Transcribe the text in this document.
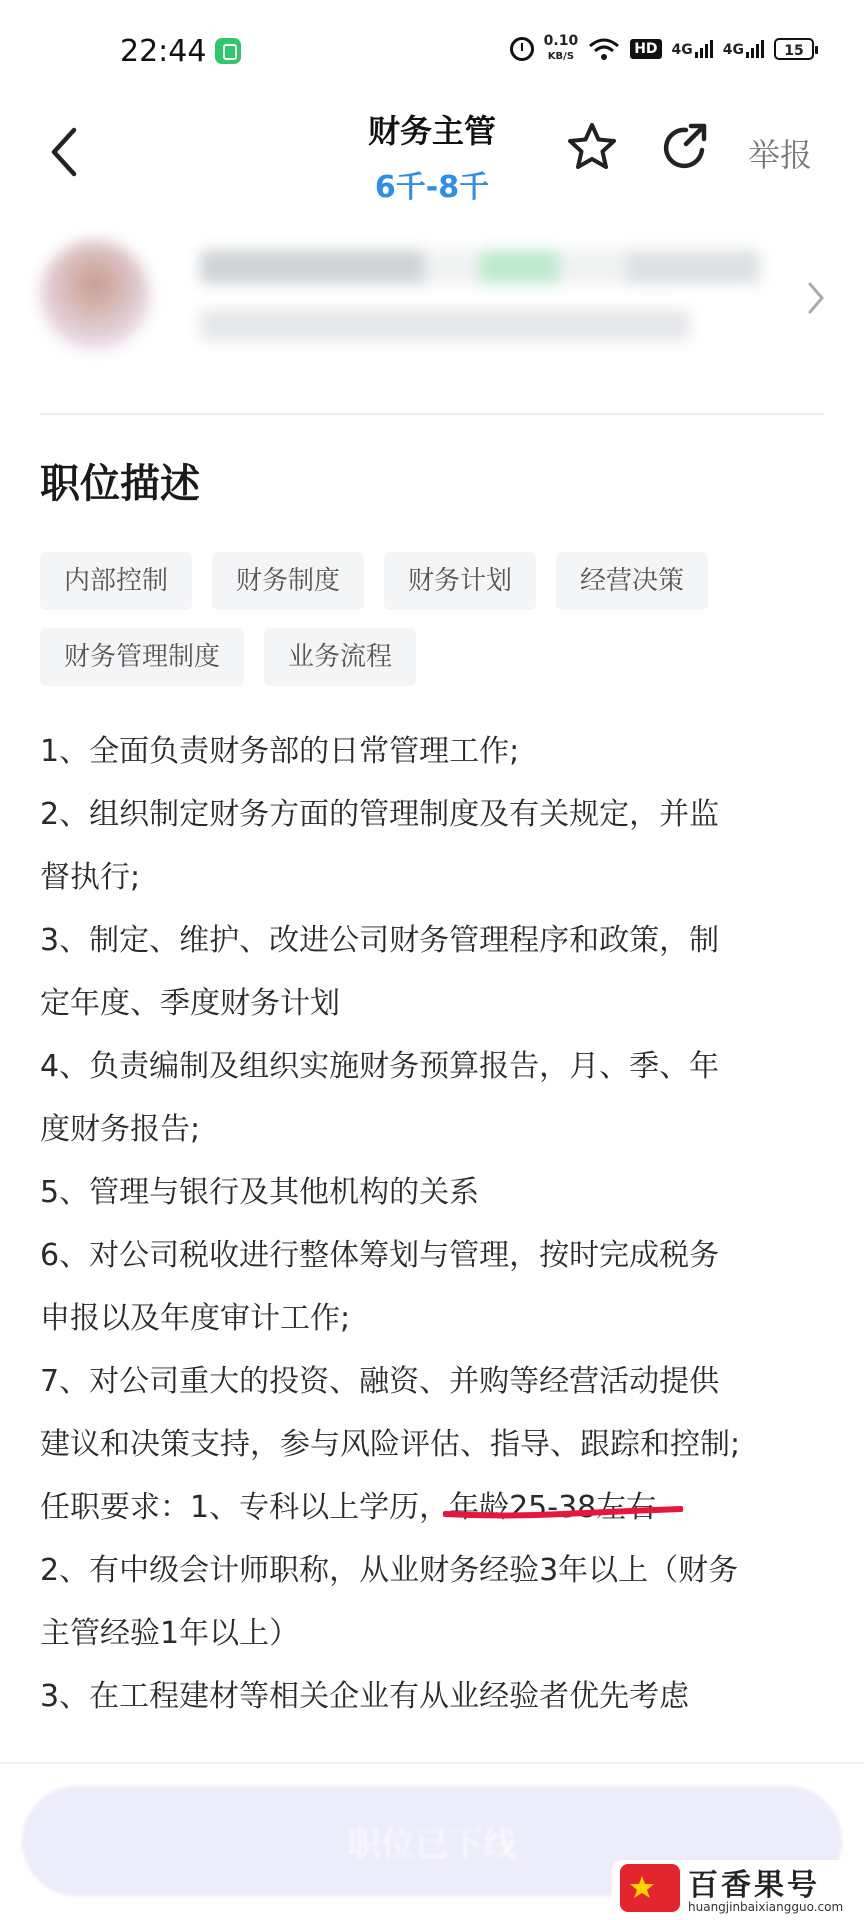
22:44	0.10
KB/S	HD 4G 4G	15
财务主管
6千-8千
举报
职位描述
内部控制	财务制度	财务计划	经营决策
财务管理制度	业务流程

1、全面负责财务部的日常管理工作;

2、组织制定财务方面的管理制度及有关规定，并监

督执行;

3、制定、维护、改进公司财务管理程序和政策，制

定年度、季度财务计划

4、负责编制及组织实施财务预算报告，月、季、年

度财务报告;

5、管理与银行及其他机构的关系

6、对公司税收进行整体筹划与管理，按时完成税务

申报以及年度审计工作;

7、对公司重大的投资、融资、并购等经营活动提供

建议和决策支持，参与风险评估、指导、跟踪和控制;

任职要求：1、专科以上学历，年龄25-38左右

2、有中级会计师职称，从业财务经验3年以上（财务

主管经验1年以上）

3、在工程建材等相关企业有从业经验者优先考虑

职位已下线
百香果号
huangjinbaixiangguo.com
